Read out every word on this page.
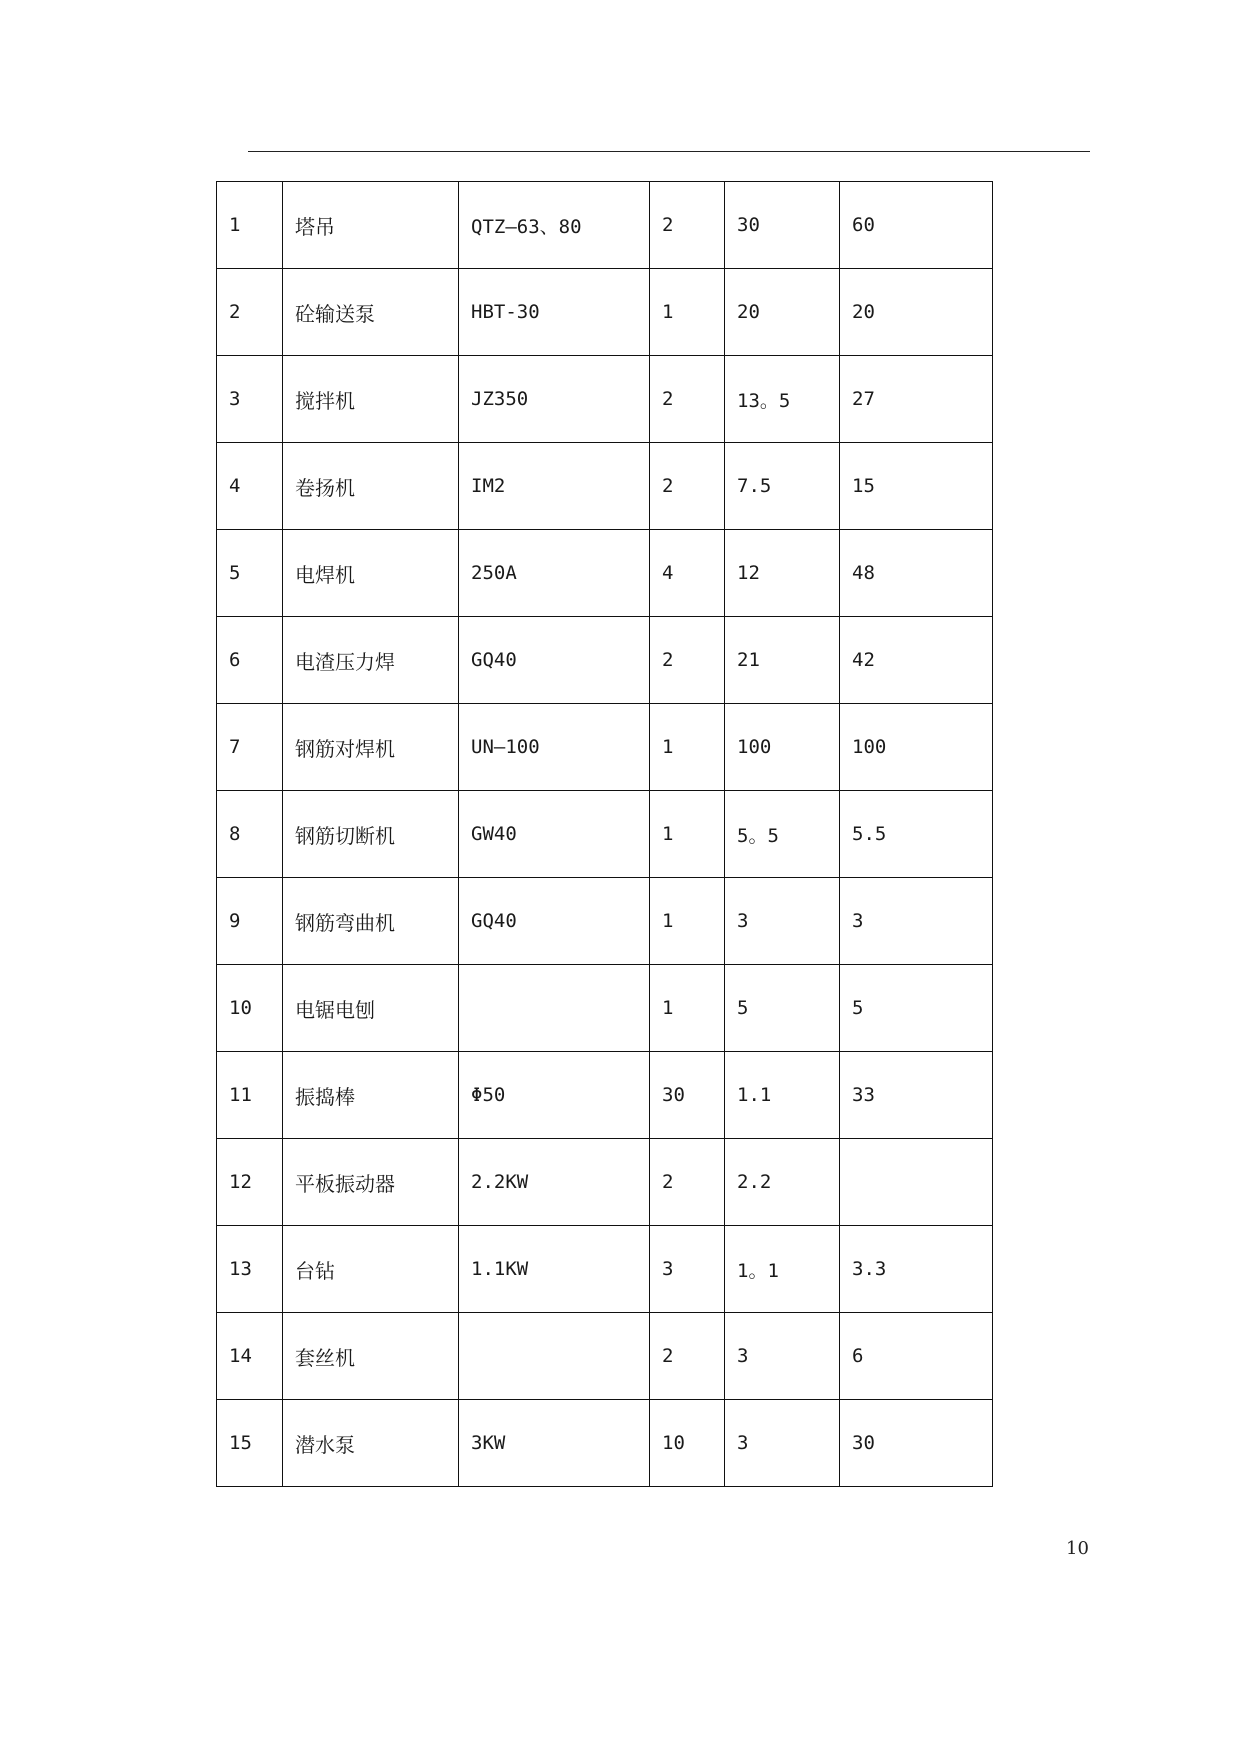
1	塔吊	QTZ—63、80	2	30	60
2	砼输送泵	HBT-30	1	20	20
3	搅拌机	JZ350	2	13。5	27
4	卷扬机	IM2	2	7.5	15
5	电焊机	250A	4	12	48
6	电渣压力焊	GQ40	2	21	42
7	钢筋对焊机	UN—100	1	100	100
8	钢筋切断机	GW40	1	5。5	5.5
9	钢筋弯曲机	GQ40	1	3	3
10	电锯电刨		1	5	5
11	振捣棒	Φ50	30	1.1	33
12	平板振动器	2.2KW	2	2.2	
13	台钻	1.1KW	3	1。1	3.3
14	套丝机		2	3	6
15	潜水泵	3KW	10	3	30
10
